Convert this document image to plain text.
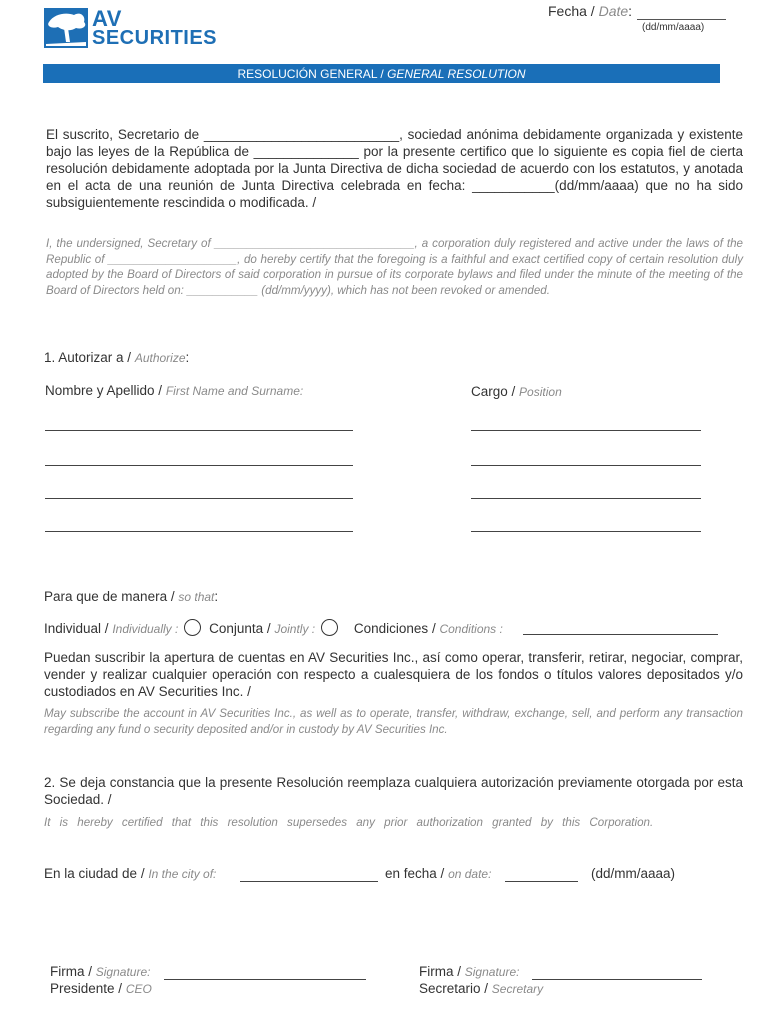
AV
SECURITIES
Fecha / Date:
(dd/mm/aaaa)
RESOLUCIÓN GENERAL / GENERAL RESOLUTION
El suscrito, Secretario de __________________________, sociedad anónima debidamente organizada y existente bajo las leyes de la República de ______________ por la presente certifico que lo siguiente es copia fiel de cierta resolución debidamente adoptada por la Junta Directiva de dicha sociedad de acuerdo con los estatutos, y anotada en el acta de una reunión de Junta Directiva celebrada en fecha: ___________(dd/mm/aaaa) que no ha sido subsiguientemente rescindida o modificada. /
I, the undersigned, Secretary of _______________________________, a corporation duly registered and active under the laws of the Republic of ____________________, do hereby certify that the foregoing is a faithful and exact certified copy of certain resolution duly adopted by the Board of Directors of said corporation in pursue of its corporate bylaws and filed under the minute of the meeting of the Board of Directors held on: ___________ (dd/mm/yyyy), which has not been revoked or amended.
1. Autorizar a / Authorize:
Nombre y Apellido / First Name and Surname:	Cargo / Position
Para que de manera / so that:
Individual / Individually : Conjunta / Jointly :	Condiciones / Conditions :
Puedan suscribir la apertura de cuentas en AV Securities Inc., así como operar, transferir, retirar, negociar, comprar, vender y realizar cualquier operación con respecto a cualesquiera de los fondos o títulos valores depositados y/o custodiados en AV Securities Inc. /
May subscribe the account in AV Securities Inc., as well as to operate, transfer, withdraw, exchange, sell, and perform any transaction regarding any fund o security deposited and/or in custody by AV Securities Inc.
2. Se deja constancia que la presente Resolución reemplaza cualquiera autorización previamente otorgada por esta Sociedad. /
It is hereby certified that this resolution supersedes any prior authorization granted by this Corporation.
En la ciudad de / In the city of:	en fecha / on date:	(dd/mm/aaaa)
Firma / Signature:
Presidente / CEO
Firma / Signature:
Secretario / Secretary
